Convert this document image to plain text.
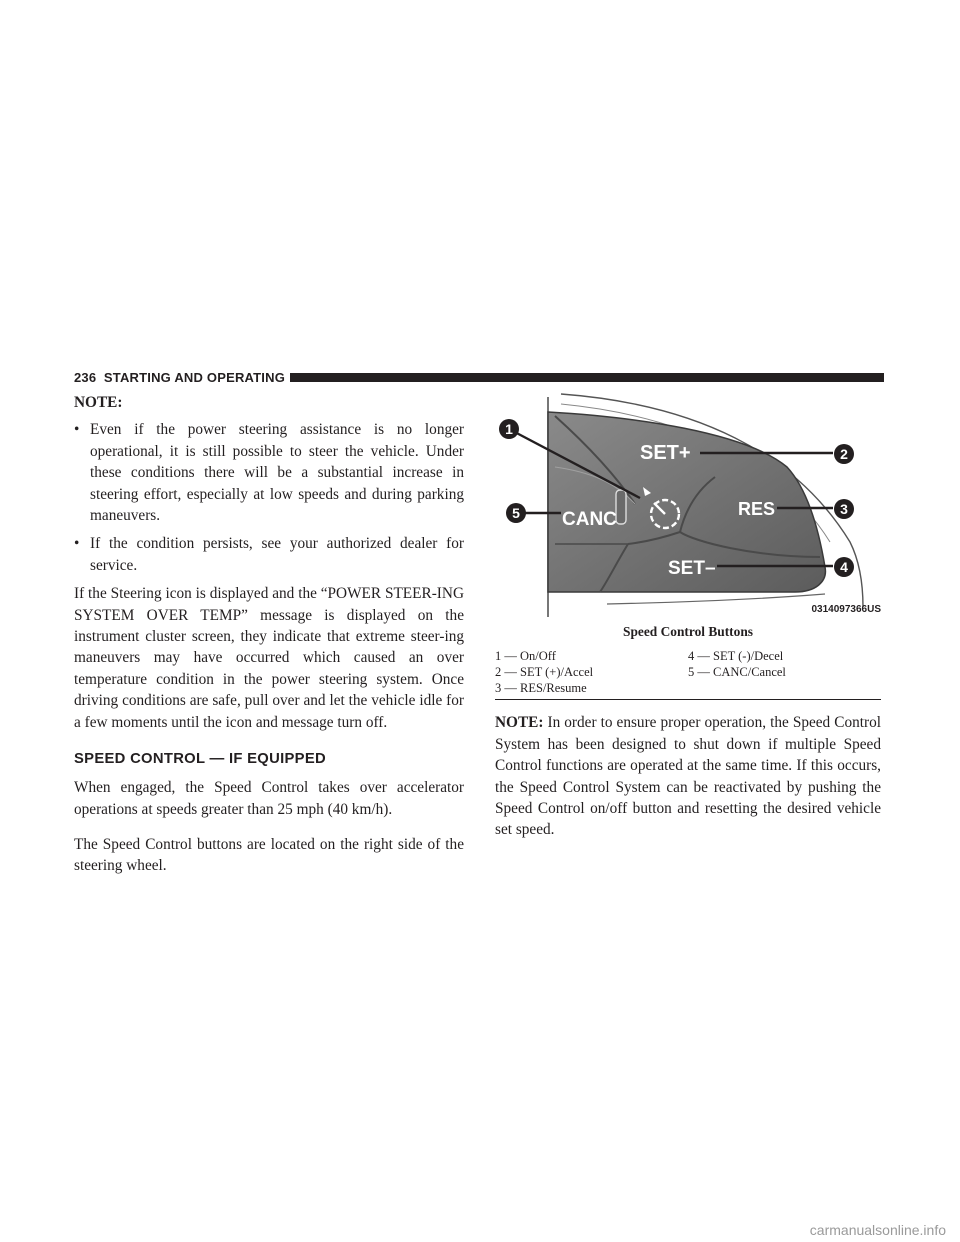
236 STARTING AND OPERATING

NOTE:

• Even if the power steering assistance is no longer operational, it is still possible to steer the vehicle. Under these conditions there will be a substantial increase in steering effort, especially at low speeds and during parking maneuvers.

• If the condition persists, see your authorized dealer for service.

If the Steering icon is displayed and the “POWER STEER-ING SYSTEM OVER TEMP” message is displayed on the instrument cluster screen, they indicate that extreme steer-ing maneuvers may have occurred which caused an over temperature condition in the power steering system. Once driving conditions are safe, pull over and let the vehicle idle for a few moments until the icon and message turn off.

SPEED CONTROL — IF EQUIPPED

When engaged, the Speed Control takes over accelerator operations at speeds greater than 25 mph (40 km/h).

The Speed Control buttons are located on the right side of the steering wheel.

SET+
RES
CANC
SET–
1
2
3
4
5
0314097366US

Speed Control Buttons

1 — On/Off	4 — SET (-)/Decel
2 — SET (+)/Accel	5 — CANC/Cancel
3 — RES/Resume

NOTE: In order to ensure proper operation, the Speed Control System has been designed to shut down if multiple Speed Control functions are operated at the same time. If this occurs, the Speed Control System can be reactivated by pushing the Speed Control on/off button and resetting the desired vehicle set speed.

carmanualsonline.info
